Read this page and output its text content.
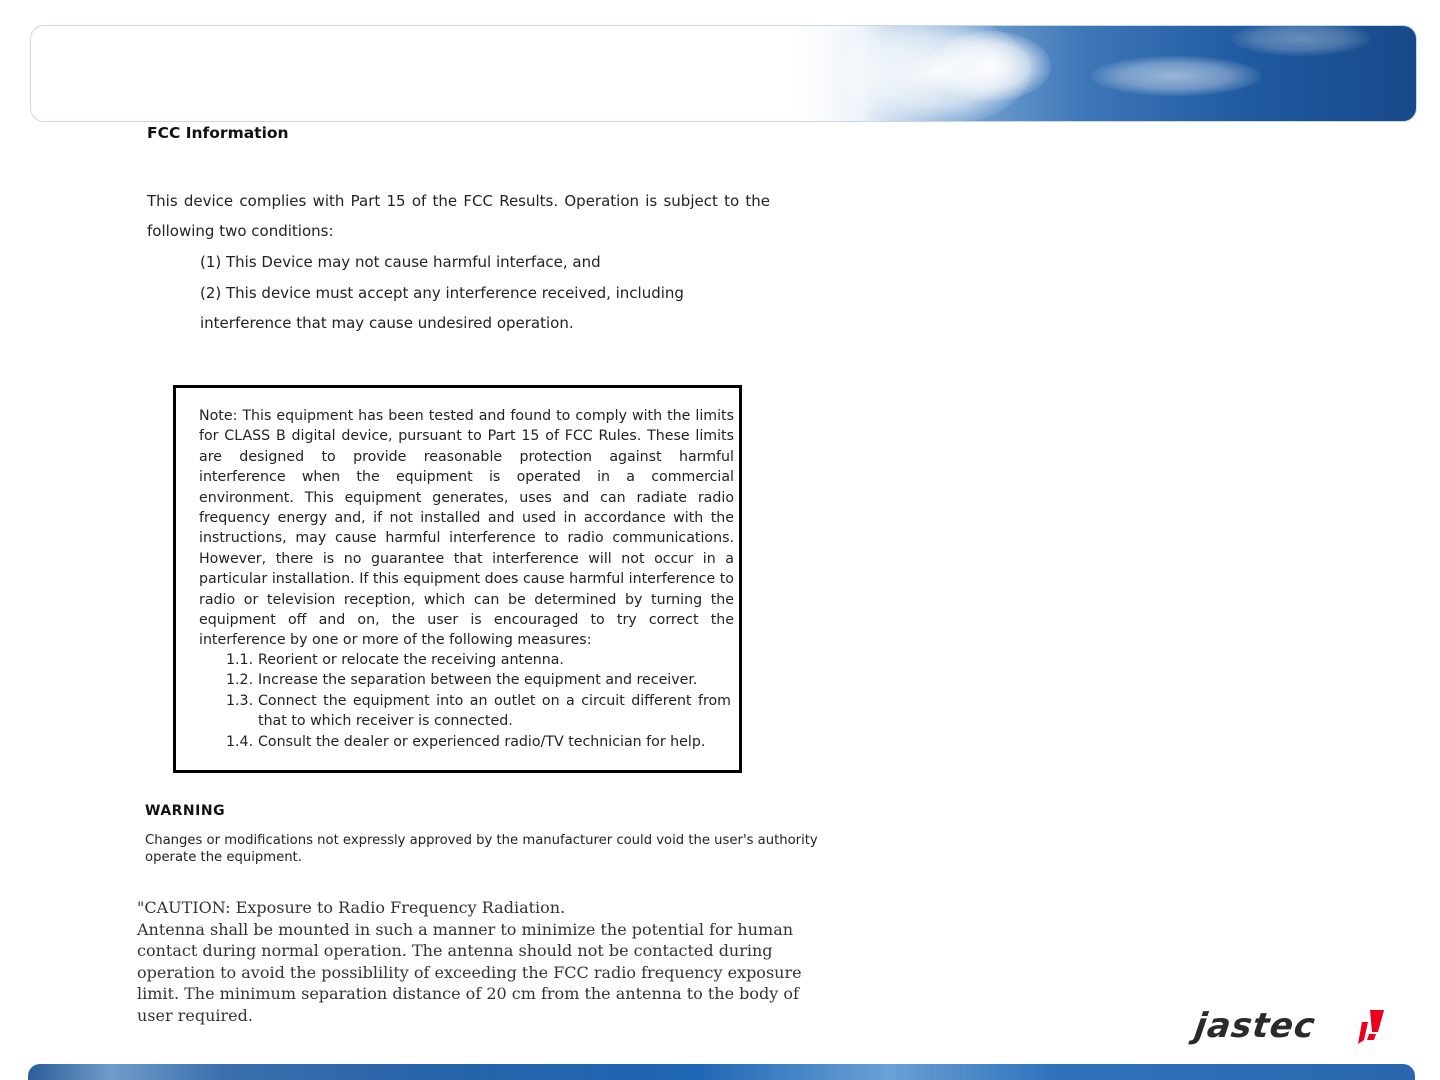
FCC Information
This device complies with Part 15 of the FCC Results. Operation is subject to the following two conditions:
(1) This Device may not cause harmful interface, and
(2) This device must accept any interference received, including interference that may cause undesired operation.
Note: This equipment has been tested and found to comply with the limits for CLASS B digital device, pursuant to Part 15 of FCC Rules. These limits are designed to provide reasonable protection against harmful interference when the equipment is operated in a commercial environment. This equipment generates, uses and can radiate radio frequency energy and, if not installed and used in accordance with the instructions, may cause harmful interference to radio communications. However, there is no guarantee that interference will not occur in a particular installation. If this equipment does cause harmful interference to radio or television reception, which can be determined by turning the equipment off and on, the user is encouraged to try correct the interference by one or more of the following measures:
1.1. Reorient or relocate the receiving antenna.
1.2. Increase the separation between the equipment and receiver.
1.3. Connect the equipment into an outlet on a circuit different from that to which receiver is connected.
1.4. Consult the dealer or experienced radio/TV technician for help.
WARNING
Changes or modifications not expressly approved by the manufacturer could void the user's authority operate the equipment.
"CAUTION: Exposure to Radio Frequency Radiation.
Antenna shall be mounted in such a manner to minimize the potential for human
contact during normal operation. The antenna should not be contacted during
operation to avoid the possiblility of exceeding the FCC radio frequency exposure
limit. The minimum separation distance of 20 cm from the antenna to the body of
user required.	jastec
